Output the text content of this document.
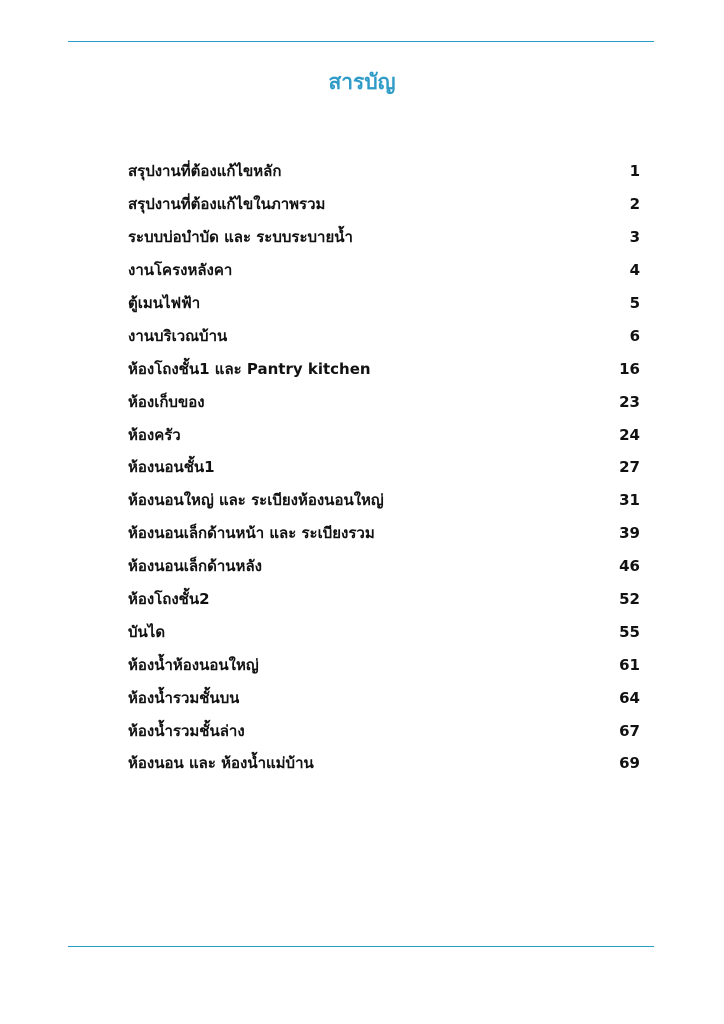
สารบัญ
สรุปงานที่ต้องแก้ไขหลัก	1
สรุปงานที่ต้องแก้ไขในภาพรวม	2
ระบบบ่อบำบัด และ ระบบระบายน้ำ	3
งานโครงหลังคา	4
ตู้เมนไฟฟ้า	5
งานบริเวณบ้าน	6
ห้องโถงชั้น1 และ Pantry kitchen	16
ห้องเก็บของ	23
ห้องครัว	24
ห้องนอนชั้น1	27
ห้องนอนใหญ่ และ ระเบียงห้องนอนใหญ่	31
ห้องนอนเล็กด้านหน้า และ ระเบียงรวม	39
ห้องนอนเล็กด้านหลัง	46
ห้องโถงชั้น2	52
บันได	55
ห้องน้ำห้องนอนใหญ่	61
ห้องน้ำรวมชั้นบน	64
ห้องน้ำรวมชั้นล่าง	67
ห้องนอน และ ห้องน้ำแม่บ้าน	69
